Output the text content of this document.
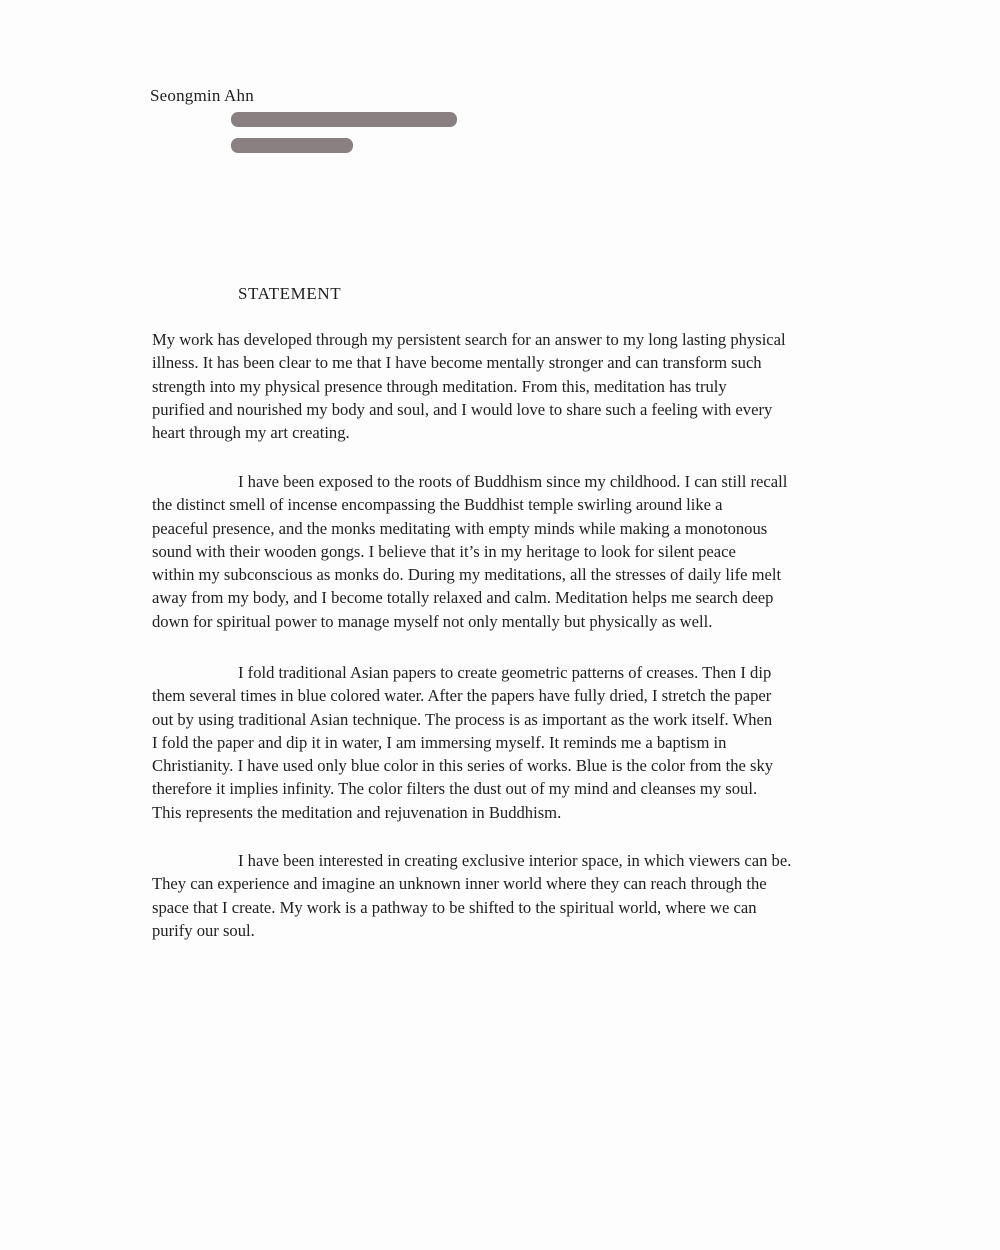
Seongmin Ahn
STATEMENT
My work has developed through my persistent search for an answer to my long lasting physical
illness. It has been clear to me that I have become mentally stronger and can transform such
strength into my physical presence through meditation. From this, meditation has truly
purified and nourished my body and soul, and I would love to share such a feeling with every
heart through my art creating.
I have been exposed to the roots of Buddhism since my childhood. I can still recall
the distinct smell of incense encompassing the Buddhist temple swirling around like a
peaceful presence, and the monks meditating with empty minds while making a monotonous
sound with their wooden gongs. I believe that it’s in my heritage to look for silent peace
within my subconscious as monks do. During my meditations, all the stresses of daily life melt
away from my body, and I become totally relaxed and calm. Meditation helps me search deep
down for spiritual power to manage myself not only mentally but physically as well.
I fold traditional Asian papers to create geometric patterns of creases. Then I dip
them several times in blue colored water. After the papers have fully dried, I stretch the paper
out by using traditional Asian technique. The process is as important as the work itself. When
I fold the paper and dip it in water, I am immersing myself. It reminds me a baptism in
Christianity. I have used only blue color in this series of works. Blue is the color from the sky
therefore it implies infinity. The color filters the dust out of my mind and cleanses my soul.
This represents the meditation and rejuvenation in Buddhism.
I have been interested in creating exclusive interior space, in which viewers can be.
They can experience and imagine an unknown inner world where they can reach through the
space that I create. My work is a pathway to be shifted to the spiritual world, where we can
purify our soul.
